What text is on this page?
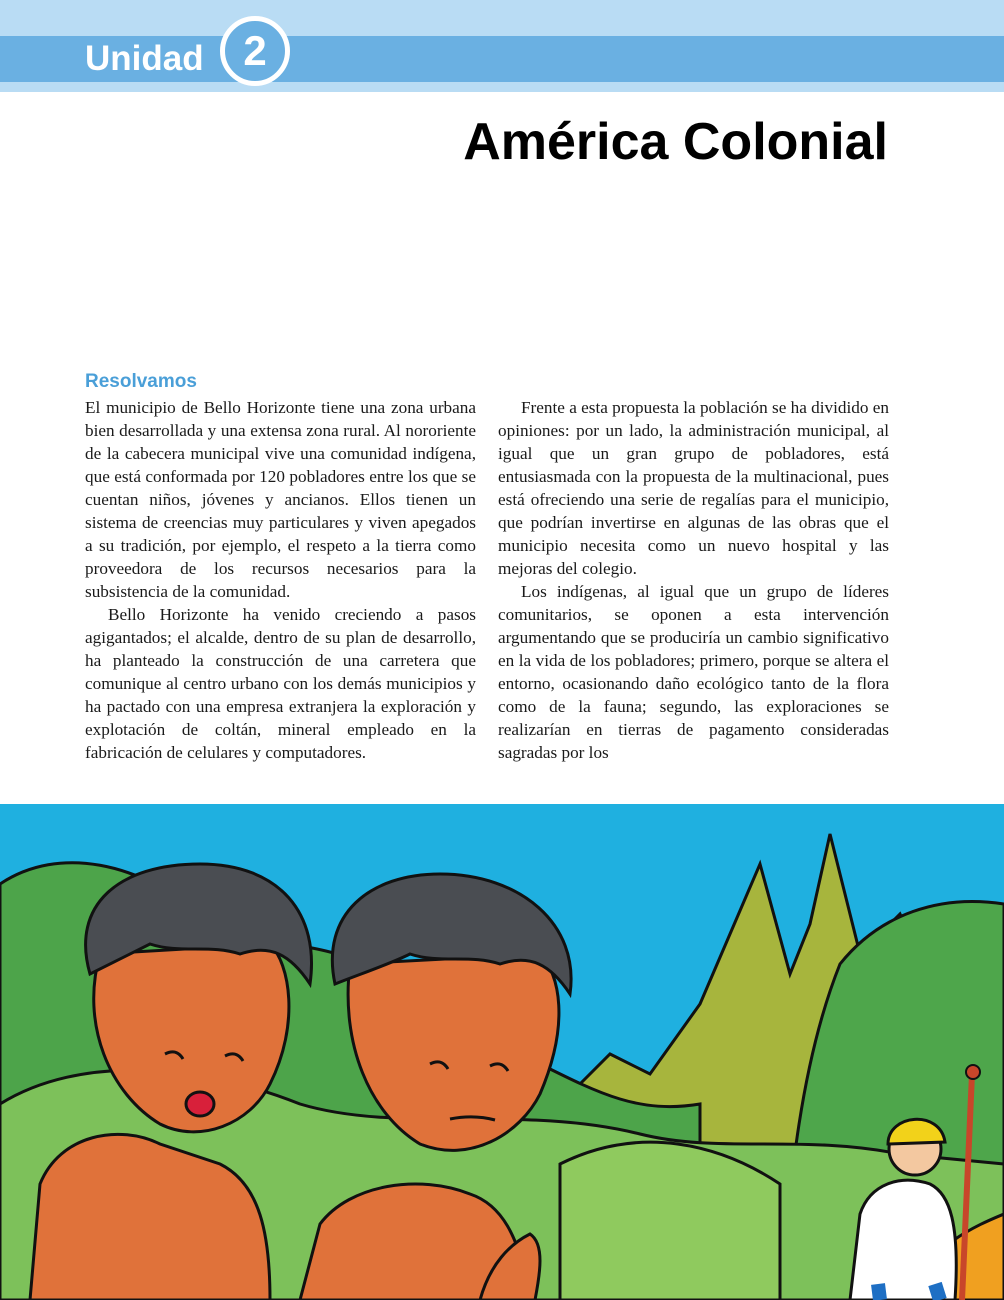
Unidad 2
América Colonial
Resolvamos

El municipio de Bello Horizonte tiene una zona urbana bien desarrollada y una extensa zona rural. Al nororiente de la cabecera municipal vive una comunidad indígena, que está conformada por 120 pobladores entre los que se cuentan niños, jóvenes y ancianos. Ellos tienen un sistema de creencias muy particulares y viven apegados a su tradición, por ejemplo, el respeto a la tierra como proveedora de los recursos necesarios para la subsistencia de la comunidad.

Bello Horizonte ha venido creciendo a pasos agigantados; el alcalde, dentro de su plan de desarrollo, ha planteado la construcción de una carretera que comunique al centro urbano con los demás municipios y ha pactado con una empresa extranjera la exploración y explotación de coltán, mineral empleado en la fabricación de celulares y computadores.

Frente a esta propuesta la población se ha dividido en opiniones: por un lado, la administración municipal, al igual que un gran grupo de pobladores, está entusiasmada con la propuesta de la multinacional, pues está ofreciendo una serie de regalías para el municipio, que podrían invertirse en algunas de las obras que el municipio necesita como un nuevo hospital y las mejoras del colegio.

Los indígenas, al igual que un grupo de líderes comunitarios, se oponen a esta intervención argumentando que se produciría un cambio significativo en la vida de los pobladores; primero, porque se altera el entorno, ocasionando daño ecológico tanto de la flora como de la fauna; segundo, las exploraciones se realizarían en tierras de pagamento consideradas sagradas por los
